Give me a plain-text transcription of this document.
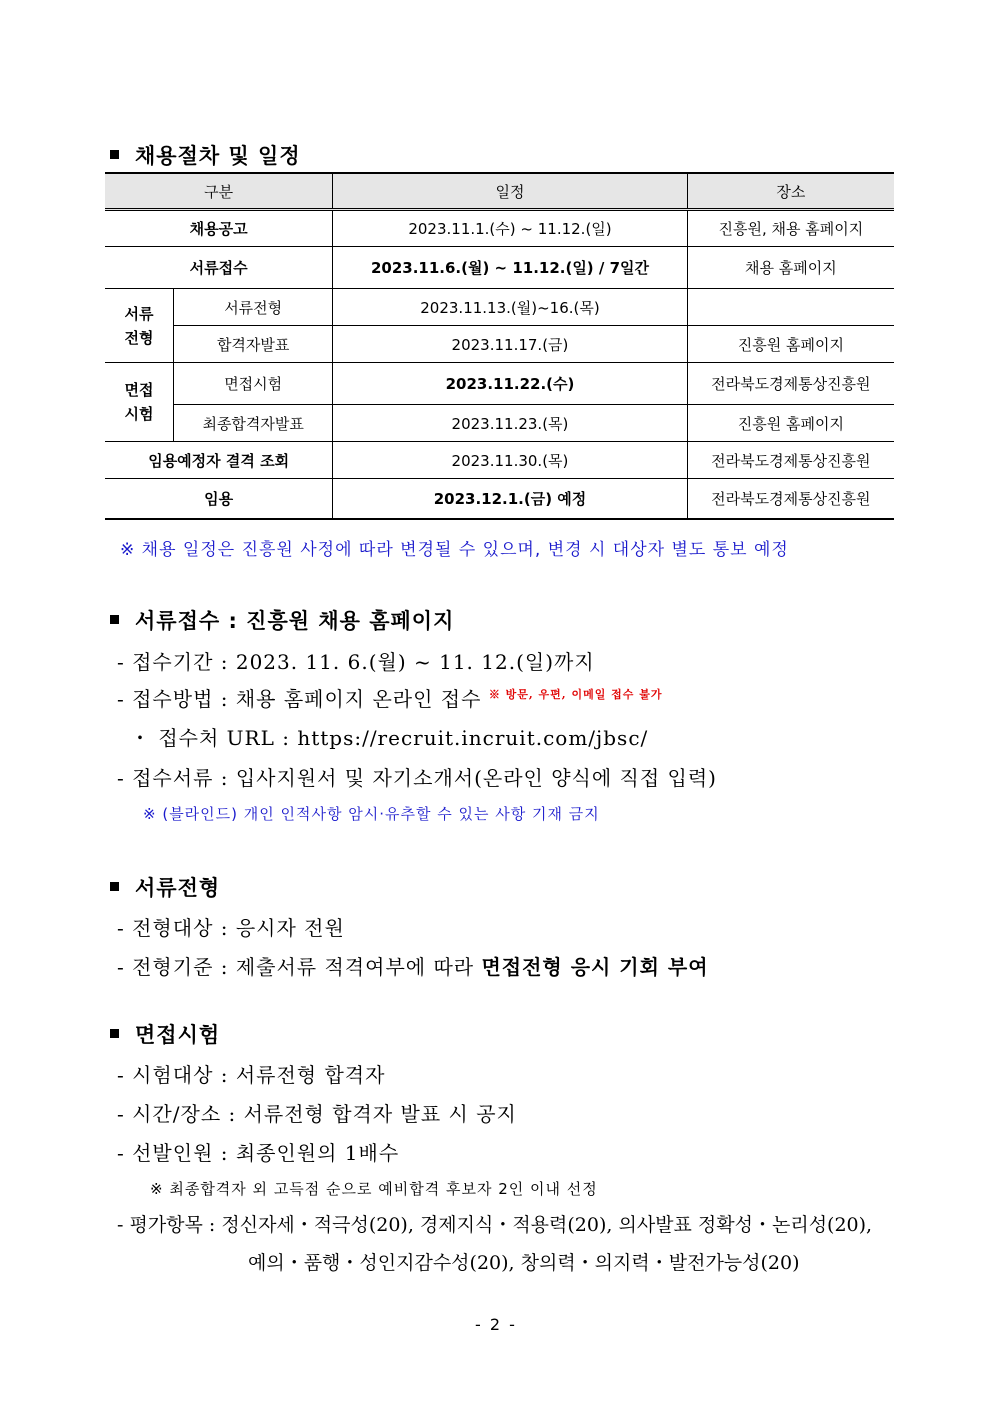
채용절차 및 일정
구분		일정	장소
채용공고		2023.11.1.(수) ~ 11.12.(일)	진흥원, 채용 홈페이지
서류접수		2023.11.6.(월) ~ 11.12.(일) / 7일간	채용 홈페이지
서류
전형	서류전형	2023.11.13.(월)~16.(목)	
	합격자발표	2023.11.17.(금)	진흥원 홈페이지
면접
시험	면접시험	2023.11.22.(수)	전라북도경제통상진흥원
	최종합격자발표	2023.11.23.(목)	진흥원 홈페이지
임용예정자 결격 조회		2023.11.30.(목)	전라북도경제통상진흥원
임용		2023.12.1.(금) 예정	전라북도경제통상진흥원
※ 채용 일정은 진흥원 사정에 따라 변경될 수 있으며, 변경 시 대상자 별도 통보 예정
서류접수 : 진흥원 채용 홈페이지
- 접수기간 : 2023. 11. 6.(월) ~ 11. 12.(일)까지
- 접수방법 : 채용 홈페이지 온라인 접수 $^{※ 방문, 우편, 이메일 접수 불가}$
・ 접수처 URL : https://recruit.incruit.com/jbsc/
- 접수서류 : 입사지원서 및 자기소개서(온라인 양식에 직접 입력)
※ (블라인드) 개인 인적사항 암시·유추할 수 있는 사항 기재 금지
서류전형
- 전형대상 : 응시자 전원
- 전형기준 : 제출서류 적격여부에 따라 면접전형 응시 기회 부여
면접시험
- 시험대상 : 서류전형 합격자
- 시간/장소 : 서류전형 합격자 발표 시 공지
- 선발인원 : 최종인원의 1배수
※ 최종합격자 외 고득점 순으로 예비합격 후보자 2인 이내 선정
- 평가항목 : 정신자세・적극성(20), 경제지식・적용력(20), 의사발표 정확성・논리성(20),
예의・품행・성인지감수성(20), 창의력・의지력・발전가능성(20)
- 2 -
